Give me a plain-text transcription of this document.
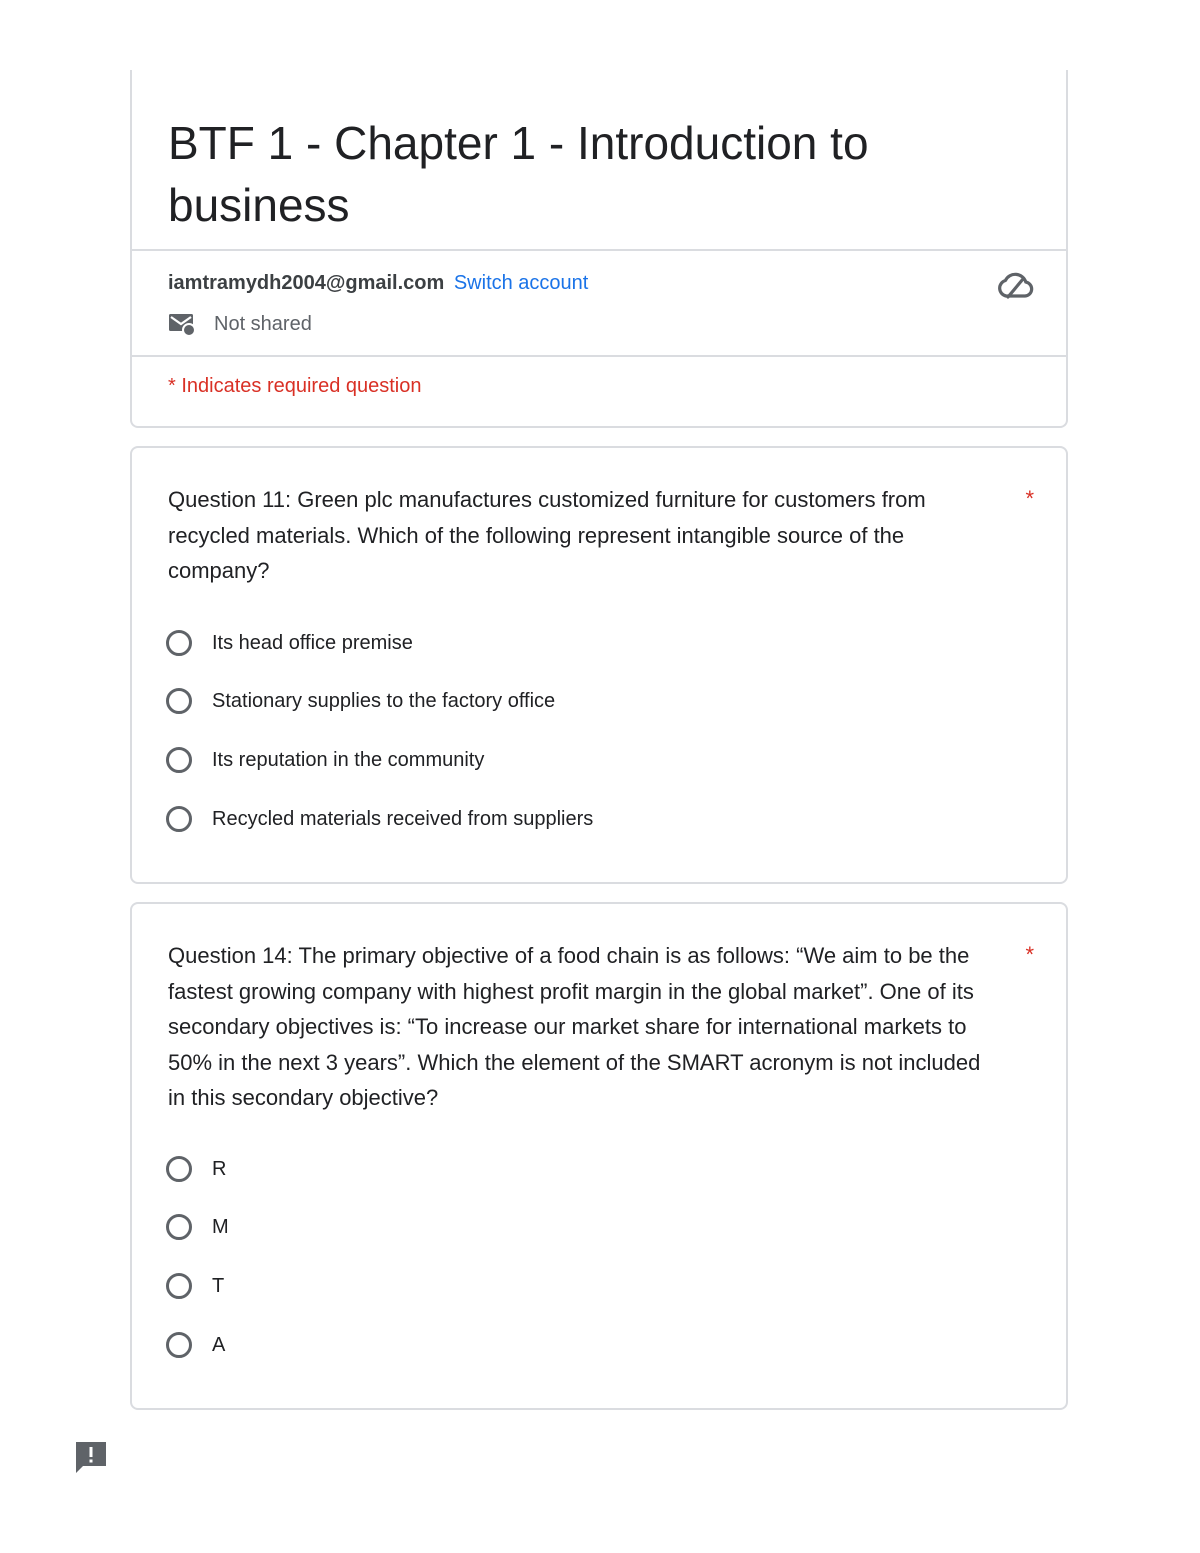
BTF 1 - Chapter 1 - Introduction to business
iamtramydh2004@gmail.com Switch account
Not shared
* Indicates required question

Question 11: Green plc manufactures customized furniture for customers from recycled materials. Which of the following represent intangible source of the company?

*
Its head office premise
Stationary supplies to the factory office
Its reputation in the community
Recycled materials received from suppliers

Question 14: The primary objective of a food chain is as follows: “We aim to be the fastest growing company with highest profit margin in the global market”. One of its secondary objectives is: “To increase our market share for international markets to 50% in the next 3 years”. Which the element of the SMART acronym is not included in this secondary objective?

*
R
M
T
A
